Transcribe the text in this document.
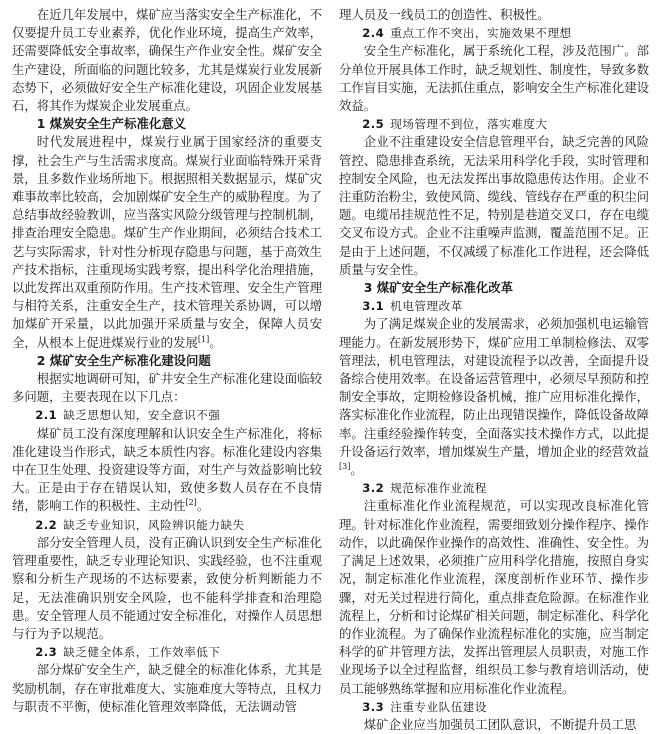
在近几年发展中，煤矿应当落实安全生产标准化，不仅要提升员工专业素养，优化作业环境，提高生产效率，还需要降低安全事故率，确保生产作业安全性。煤矿安全生产建设，所面临的问题比较多，尤其是煤炭行业发展新态势下，必须做好安全生产标准化建设，巩固企业发展基石，将其作为煤炭企业发展重点。

1 煤炭安全生产标准化意义

时代发展进程中，煤炭行业属于国家经济的重要支撑，社会生产与生活需求度高。煤炭行业面临特殊开采背景，且多数作业场所地下。根据照相关数据显示，煤矿灾难事故率比较高，会加剧煤矿安全生产的威胁程度。为了总结事故经验教训，应当落实风险分级管理与控制机制，排查治理安全隐患。煤矿生产作业期间，必须结合技术工艺与实际需求，针对性分析现存隐患与问题，基于高效生产技术指标，注重现场实践考察，提出科学化治理措施，以此发挥出双重预防作用。生产技术管理、安全生产管理与相符关系，注重安全生产，技术管理关系协调，可以增加煤矿开采量，以此加强开采质量与安全，保障人员安全，从根本上促进煤炭行业的发展[1]。

2 煤矿安全生产标准化建设问题

根据实地调研可知，矿井安全生产标准化建设面临较多问题，主要表现在以下几点：

2.1 缺乏思想认知，安全意识不强

煤矿员工没有深度理解和认识安全生产标准化，将标准化建设当作形式，缺乏本质性内容。标准化建设内容集中在卫生处理、投资建设等方面，对生产与效益影响比较大。正是由于存在错误认知，致使多数人员存在不良情绪，影响工作的积极性、主动性[2]。

2.2 缺乏专业知识，风险辨识能力缺失

部分安全管理人员，没有正确认识到安全生产标准化管理重要性，缺乏专业理论知识、实践经验，也不注重观察和分析生产现场的不达标要素，致使分析判断能力不足，无法准确识别安全风险，也不能科学排查和治理隐患。安全管理人员不能通过安全标准化，对操作人员思想与行为予以规范。

2.3 缺乏健全体系，工作效率低下

部分煤矿安全生产，缺乏健全的标准化体系，尤其是奖励机制，存在审批难度大、实施难度大等特点，且权力与职责不平衡，使标准化管理效率降低，无法调动管

理人员及一线员工的创造性、积极性。

2.4 重点工作不突出，实施效果不理想

安全生产标准化，属于系统化工程，涉及范围广。部分单位开展具体工作时，缺乏规划性、制度性，导致多数工作盲目实施，无法抓住重点，影响安全生产标准化建设效益。

2.5 现场管理不到位，落实难度大

企业不注重建设安全信息管理平台，缺乏完善的风险管控、隐患排查系统，无法采用科学化手段，实时管理和控制安全风险，也无法发挥出事故隐患传达作用。企业不注重防治粉尘，致使风筒、缆线、管线存在严重的积尘问题。电缆吊挂规范性不足，特别是巷道交叉口，存在电缆交叉布设方式。企业不注重噪声监测，覆盖范围不足。正是由于上述问题，不仅减缓了标准化工作进程，还会降低质量与安全性。

3 煤矿安全生产标准化改革
3.1 机电管理改革

为了满足煤炭企业的发展需求，必须加强机电运输管理能力。在新发展形势下，煤矿应用工单制检修法、双零管理法，机电管理法，对建设流程予以改善，全面提升设备综合使用效率。在设备运营管理中，必须尽早预防和控制安全事故，定期检修设备机械，推广应用标准化操作，落实标准化作业流程，防止出现错误操作，降低设备故障率。注重经验操作转变，全面落实技术操作方式，以此提升设备运行效率，增加煤炭生产量，增加企业的经营效益[3]。

3.2 规范标准作业流程

注重标准化作业流程规范，可以实现改良标准化管理。针对标准化作业流程，需要细致划分操作程序、操作动作，以此确保作业操作的高效性、准确性、安全性。为了满足上述效果，必须推广应用科学化措施，按照自身实况，制定标准化作业流程，深度剖析作业环节、操作步骤，对无关过程进行简化，重点排查危险源。在标准作业流程上，分析和讨论煤矿相关问题，制定标准化、科学化的作业流程。为了确保作业流程标准化的实施，应当制定科学的矿井管理方法，发挥出管理层人员职责，对施工作业现场予以全过程监督，组织员工参与教育培训活动，使员工能够熟练掌握和应用标准化作业流程。

3.3 注重专业队伍建设

煤矿企业应当加强员工团队意识，不断提升员工思
